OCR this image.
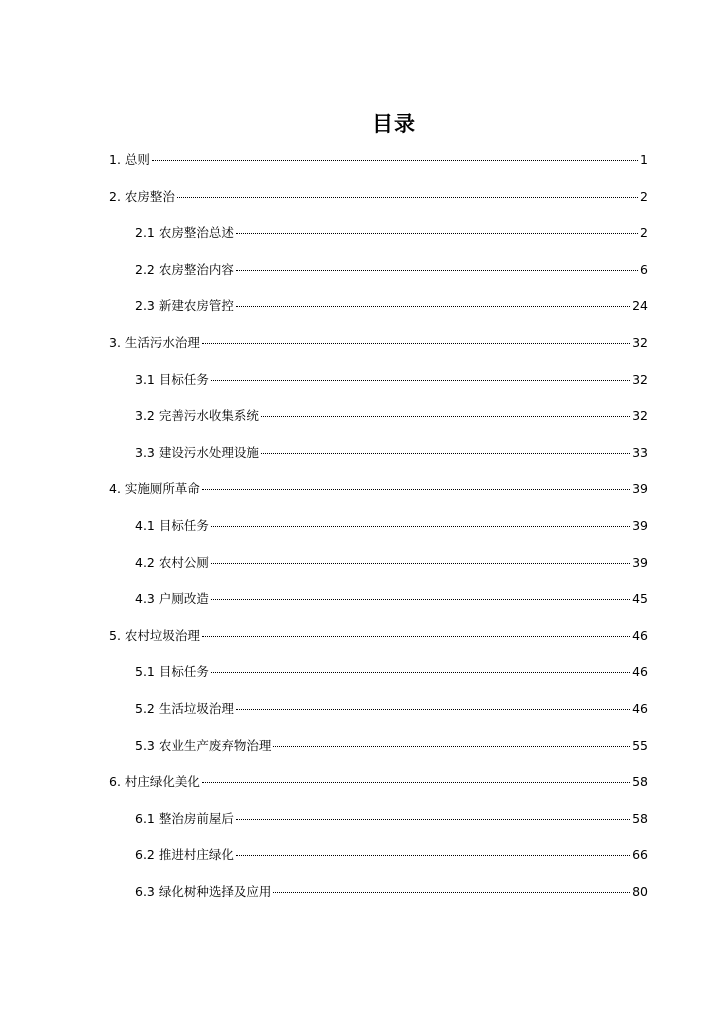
目录
1. 总则	1
2. 农房整治	2
2.1 农房整治总述	2
2.2 农房整治内容	6
2.3 新建农房管控	24
3. 生活污水治理	32
3.1 目标任务	32
3.2 完善污水收集系统	32
3.3 建设污水处理设施	33
4. 实施厕所革命	39
4.1 目标任务	39
4.2 农村公厕	39
4.3 户厕改造	45
5. 农村垃圾治理	46
5.1 目标任务	46
5.2 生活垃圾治理	46
5.3 农业生产废弃物治理	55
6. 村庄绿化美化	58
6.1 整治房前屋后	58
6.2 推进村庄绿化	66
6.3 绿化树种选择及应用	80
